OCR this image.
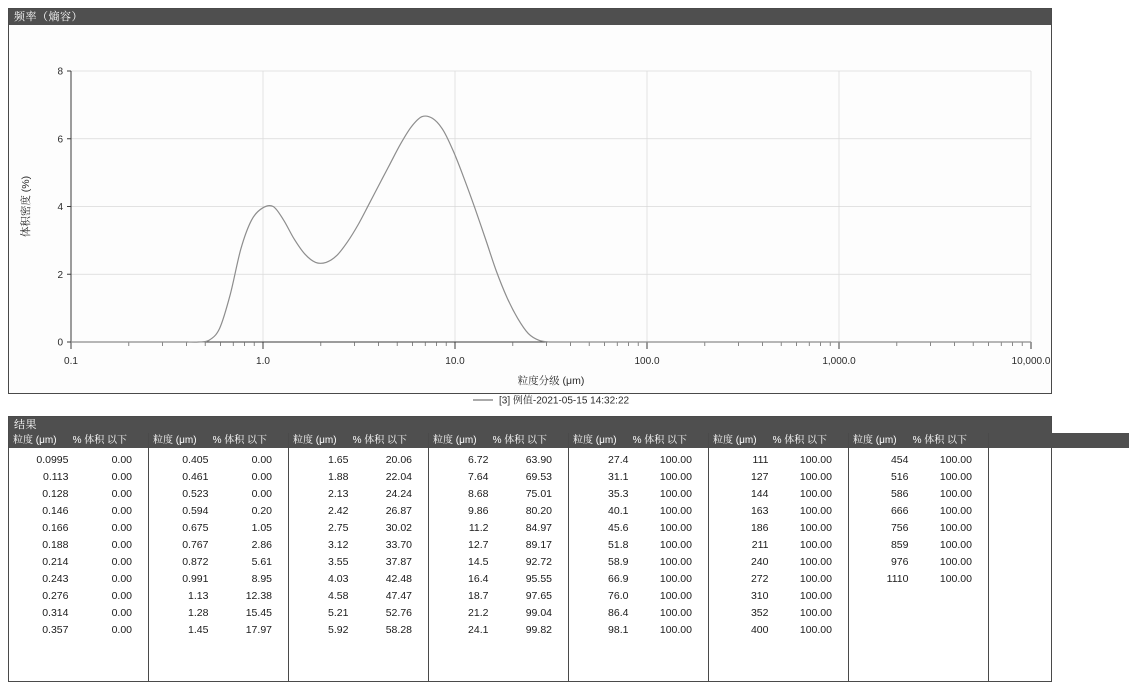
频率（熵容）
0
2
4
6
8
0.1	1.0	10.0	100.0	1,000.0	10,000.0
粒度分级 (μm)
体积密度 (%)
[3] 例值-2021-05-15 14:32:22
结果
粒度 (μm)	% 体积 以下
0.0995	0.00
0.113	0.00
0.128	0.00
0.146	0.00
0.166	0.00
0.188	0.00
0.214	0.00
0.243	0.00
0.276	0.00
0.314	0.00
0.357	0.00
粒度 (μm)	% 体积 以下
0.405	0.00
0.461	0.00
0.523	0.00
0.594	0.20
0.675	1.05
0.767	2.86
0.872	5.61
0.991	8.95
1.13	12.38
1.28	15.45
1.45	17.97
粒度 (μm)	% 体积 以下
1.65	20.06
1.88	22.04
2.13	24.24
2.42	26.87
2.75	30.02
3.12	33.70
3.55	37.87
4.03	42.48
4.58	47.47
5.21	52.76
5.92	58.28
粒度 (μm)	% 体积 以下
6.72	63.90
7.64	69.53
8.68	75.01
9.86	80.20
11.2	84.97
12.7	89.17
14.5	92.72
16.4	95.55
18.7	97.65
21.2	99.04
24.1	99.82
粒度 (μm)	% 体积 以下
27.4	100.00
31.1	100.00
35.3	100.00
40.1	100.00
45.6	100.00
51.8	100.00
58.9	100.00
66.9	100.00
76.0	100.00
86.4	100.00
98.1	100.00
粒度 (μm)	% 体积 以下
111	100.00
127	100.00
144	100.00
163	100.00
186	100.00
211	100.00
240	100.00
272	100.00
310	100.00
352	100.00
400	100.00
粒度 (μm)	% 体积 以下
454	100.00
516	100.00
586	100.00
666	100.00
756	100.00
859	100.00
976	100.00
1110	100.00
